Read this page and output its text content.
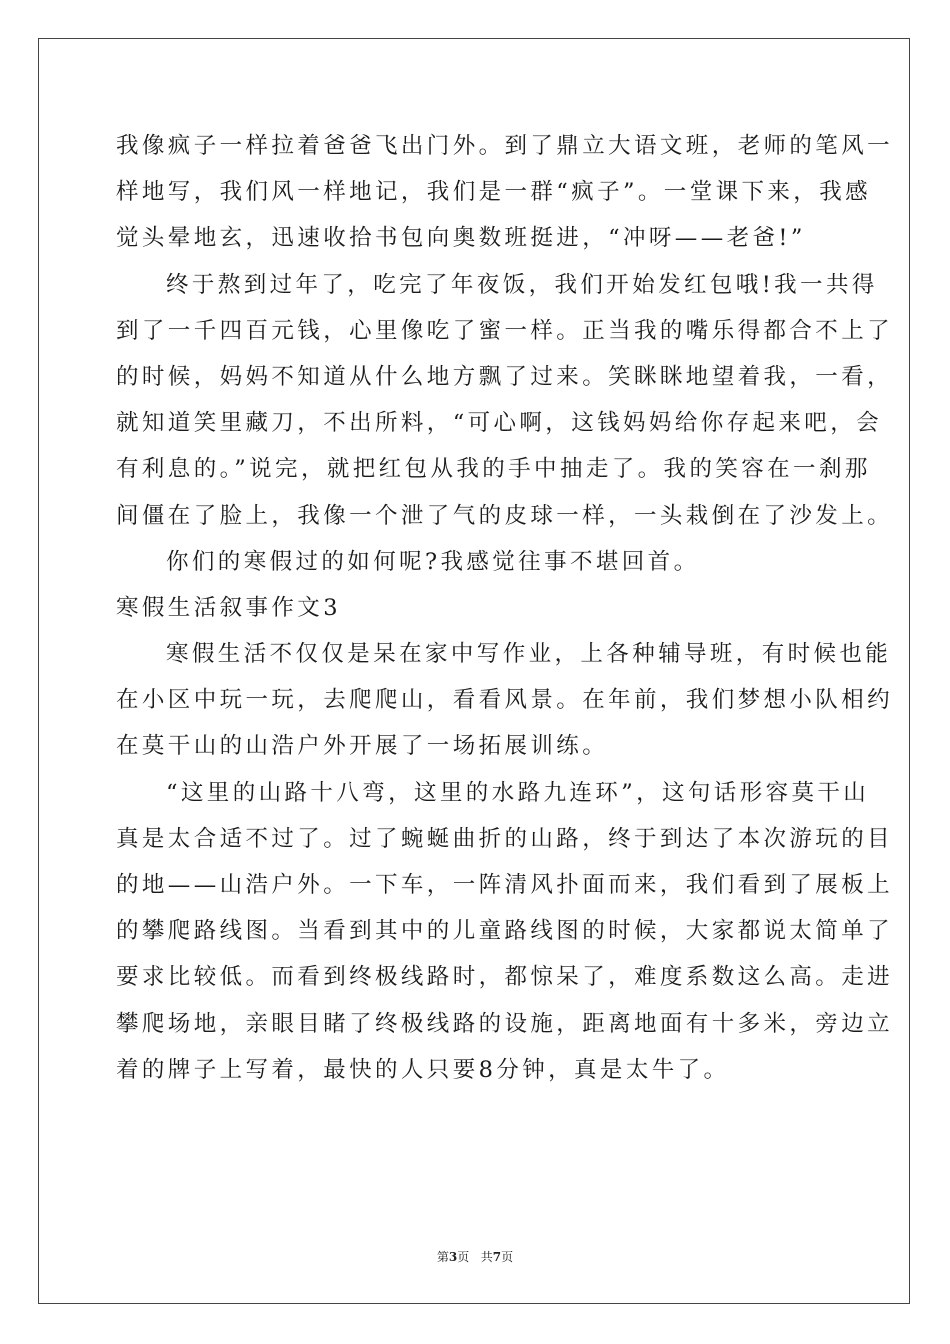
我像疯子一样拉着爸爸飞出门外。到了鼎立大语文班，老师的笔风一
样地写，我们风一样地记，我们是一群“疯子”。一堂课下来，我感
觉头晕地玄，迅速收拾书包向奥数班挺进，“冲呀——老爸!”
终于熬到过年了，吃完了年夜饭，我们开始发红包哦!我一共得
到了一千四百元钱，心里像吃了蜜一样。正当我的嘴乐得都合不上了
的时候，妈妈不知道从什么地方飘了过来。笑眯眯地望着我，一看，
就知道笑里藏刀，不出所料，“可心啊，这钱妈妈给你存起来吧，会
有利息的。”说完，就把红包从我的手中抽走了。我的笑容在一刹那
间僵在了脸上，我像一个泄了气的皮球一样，一头栽倒在了沙发上。
你们的寒假过的如何呢?我感觉往事不堪回首。
寒假生活叙事作文3
寒假生活不仅仅是呆在家中写作业，上各种辅导班，有时候也能
在小区中玩一玩，去爬爬山，看看风景。在年前，我们梦想小队相约
在莫干山的山浩户外开展了一场拓展训练。
“这里的山路十八弯，这里的水路九连环”，这句话形容莫干山
真是太合适不过了。过了蜿蜒曲折的山路，终于到达了本次游玩的目
的地——山浩户外。一下车，一阵清风扑面而来，我们看到了展板上
的攀爬路线图。当看到其中的儿童路线图的时候，大家都说太简单了
要求比较低。而看到终极线路时，都惊呆了，难度系数这么高。走进
攀爬场地，亲眼目睹了终极线路的设施，距离地面有十多米，旁边立
着的牌子上写着，最快的人只要8分钟，真是太牛了。
第3页 共7页
